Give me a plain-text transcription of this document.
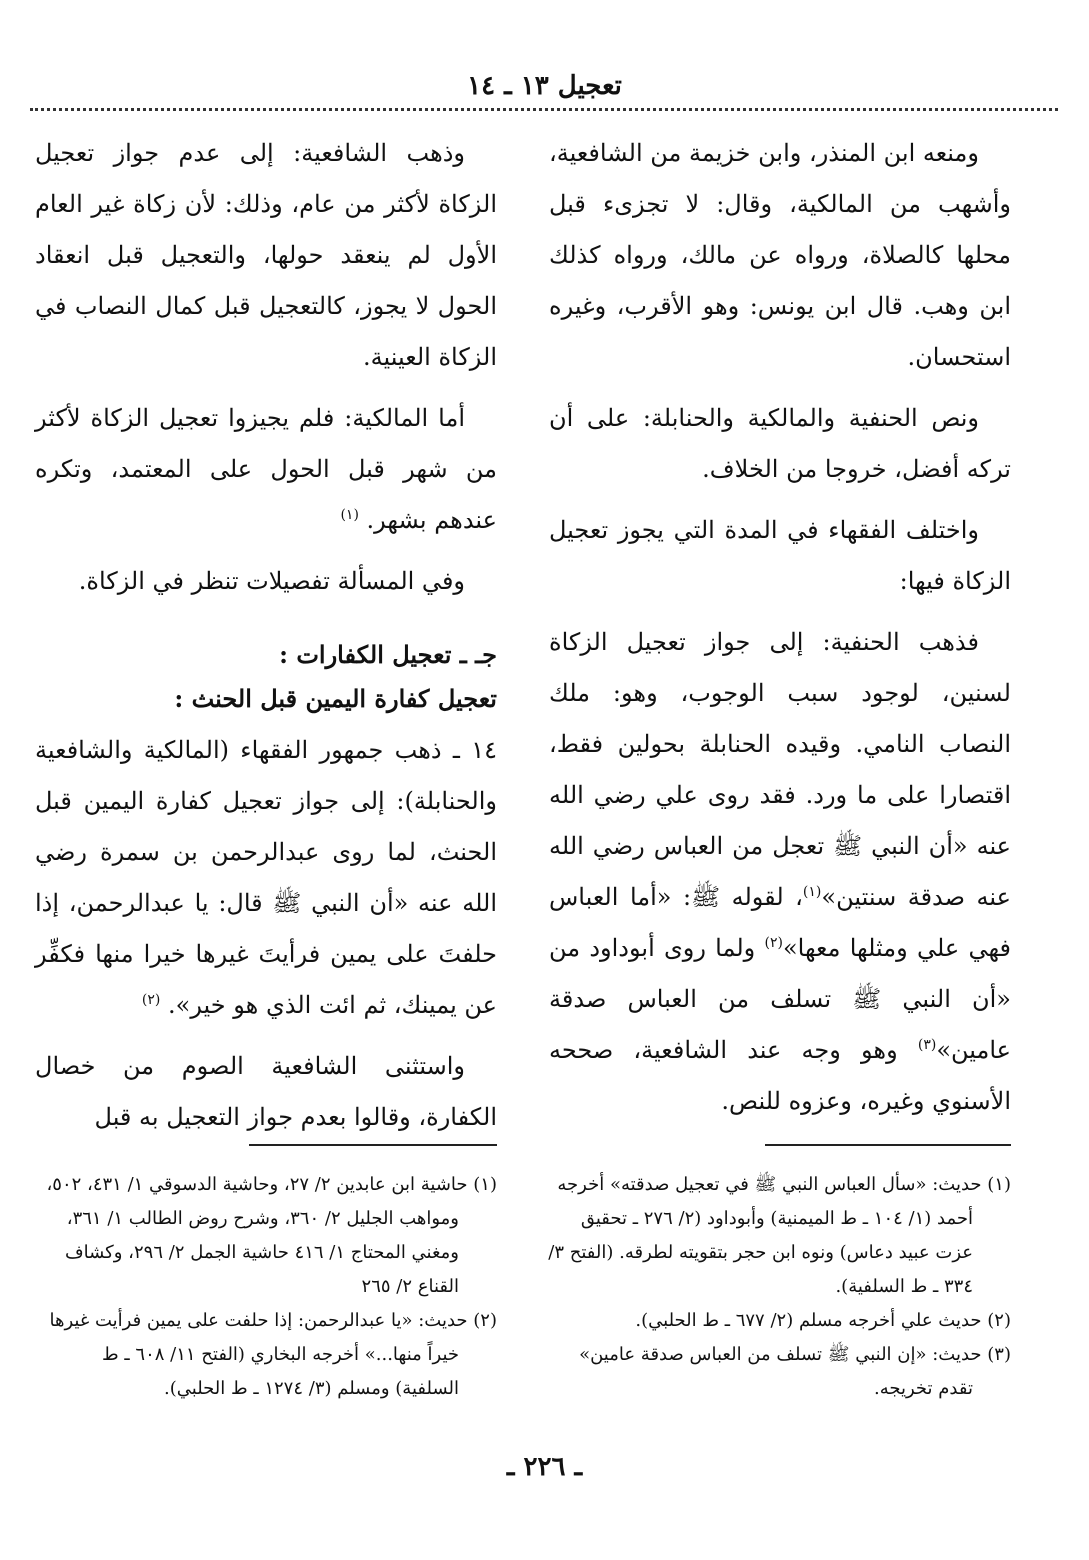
تعجيل ١٣ ـ ١٤

ومنعه ابن المنذر، وابن خزيمة من الشافعية، وأشهب من المالكية، وقال: لا تجزىء قبل محلها كالصلاة، ورواه عن مالك، ورواه كذلك ابن وهب. قال ابن يونس: وهو الأقرب، وغيره استحسان.

ونص الحنفية والمالكية والحنابلة: على أن تركه أفضل، خروجا من الخلاف.

واختلف الفقهاء في المدة التي يجوز تعجيل الزكاة فيها:

فذهب الحنفية: إلى جواز تعجيل الزكاة لسنين، لوجود سبب الوجوب، وهو: ملك النصاب النامي. وقيده الحنابلة بحولين فقط، اقتصارا على ما ورد. فقد روى علي رضي الله عنه «أن النبي ﷺ تعجل من العباس رضي الله عنه صدقة سنتين»$^{(١)}$، لقوله ﷺ: «أما العباس فهي علي ومثلها معها»$^{(٢)}$ ولما روى أبوداود من «أن النبي ﷺ تسلف من العباس صدقة عامين»$^{(٣)}$ وهو وجه عند الشافعية، صححه الأسنوي وغيره، وعزوه للنص.

وذهب الشافعية: إلى عدم جواز تعجيل الزكاة لأكثر من عام، وذلك: لأن زكاة غير العام الأول لم ينعقد حولها، والتعجيل قبل انعقاد الحول لا يجوز، كالتعجيل قبل كمال النصاب في الزكاة العينية.

أما المالكية: فلم يجيزوا تعجيل الزكاة لأكثر من شهر قبل الحول على المعتمد، وتكره عندهم بشهر. $^{(١)}$

وفي المسألة تفصيلات تنظر في الزكاة.

جـ ـ تعجيل الكفارات :
تعجيل كفارة اليمين قبل الحنث :

١٤ ـ ذهب جمهور الفقهاء (المالكية والشافعية والحنابلة): إلى جواز تعجيل كفارة اليمين قبل الحنث، لما روى عبدالرحمن بن سمرة رضي الله عنه «أن النبي ﷺ قال: يا عبدالرحمن، إذا حلفتَ على يمين فرأيتَ غيرها خيرا منها فكفِّر عن يمينك، ثم ائت الذي هو خير». $^{(٢)}$

واستثنى الشافعية الصوم من خصال الكفارة، وقالوا بعدم جواز التعجيل به قبل

(١) حديث: «سأل العباس النبي ﷺ في تعجيل صدقته» أخرجه أحمد (١/ ١٠٤ ـ ط الميمنية) وأبوداود (٢/ ٢٧٦ ـ تحقيق عزت عبيد دعاس) ونوه ابن حجر بتقويته لطرقه. (الفتح ٣/ ٣٣٤ ـ ط السلفية).
(٢) حديث علي أخرجه مسلم (٢/ ٦٧٧ ـ ط الحلبي).
(٣) حديث: «إن النبي ﷺ تسلف من العباس صدقة عامين» تقدم تخريجه.
(١) حاشية ابن عابدين ٢/ ٢٧، وحاشية الدسوقي ١/ ٤٣١، ٥٠٢، ومواهب الجليل ٢/ ٣٦٠، وشرح روض الطالب ١/ ٣٦١، ومغني المحتاج ١/ ٤١٦ حاشية الجمل ٢/ ٢٩٦، وكشاف القناع ٢/ ٢٦٥
(٢) حديث: «يا عبدالرحمن: إذا حلفت على يمين فرأيت غيرها خيراً منها...» أخرجه البخاري (الفتح ١١/ ٦٠٨ ـ ط السلفية) ومسلم (٣/ ١٢٧٤ ـ ط الحلبي).
ـ ٢٢٦ ـ
